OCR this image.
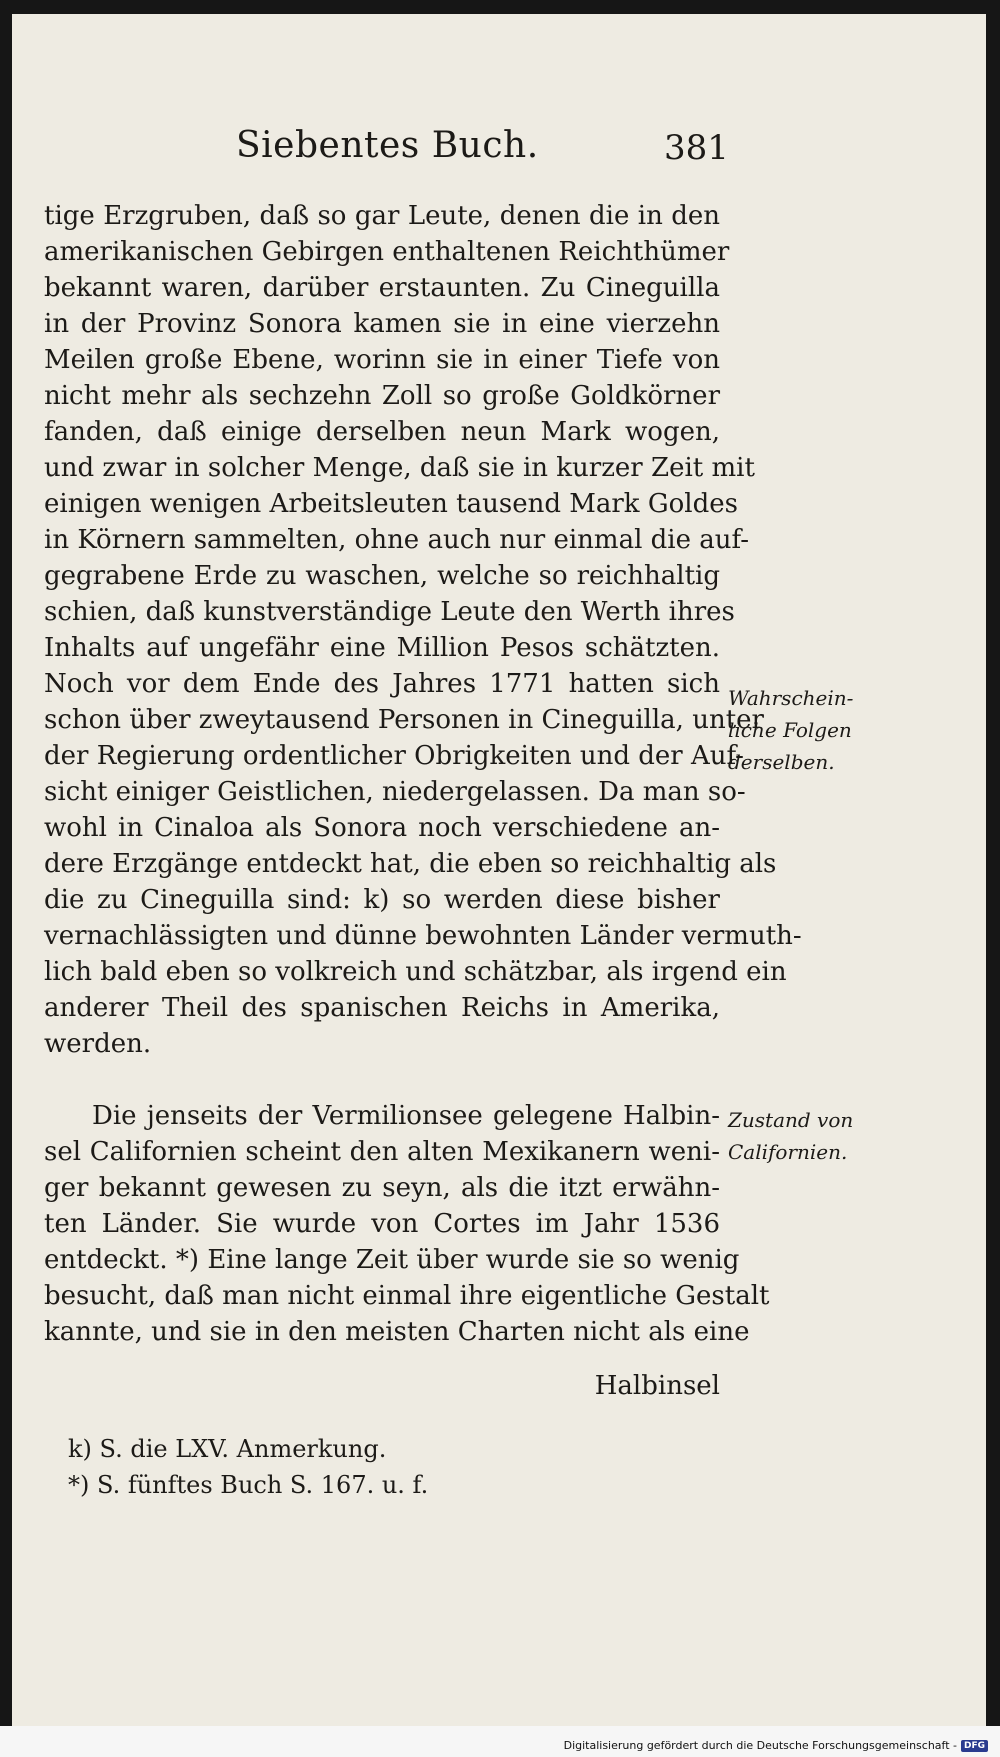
Siebentes Buch.	381
tige Erzgruben, daß so gar Leute, denen die in den
amerikanischen Gebirgen enthaltenen Reichthümer
bekannt waren, darüber erstaunten. Zu Cineguilla
in der Provinz Sonora kamen sie in eine vierzehn
Meilen große Ebene, worinn sie in einer Tiefe von
nicht mehr als sechzehn Zoll so große Goldkörner
fanden, daß einige derselben neun Mark wogen,
und zwar in solcher Menge, daß sie in kurzer Zeit mit
einigen wenigen Arbeitsleuten tausend Mark Goldes
in Körnern sammelten, ohne auch nur einmal die auf-
gegrabene Erde zu waschen, welche so reichhaltig
schien, daß kunstverständige Leute den Werth ihres
Inhalts auf ungefähr eine Million Pesos schätzten.
Noch vor dem Ende des Jahres 1771 hatten sich
schon über zweytausend Personen in Cineguilla, unter
der Regierung ordentlicher Obrigkeiten und der Auf-
sicht einiger Geistlichen, niedergelassen. Da man so-
wohl in Cinaloa als Sonora noch verschiedene an-
dere Erzgänge entdeckt hat, die eben so reichhaltig als
die zu Cineguilla sind: k) so werden diese bisher
vernachlässigten und dünne bewohnten Länder vermuth-
lich bald eben so volkreich und schätzbar, als irgend ein
anderer Theil des spanischen Reichs in Amerika,
werden.
Die jenseits der Vermilionsee gelegene Halbin-
sel Californien scheint den alten Mexikanern weni-
ger bekannt gewesen zu seyn, als die itzt erwähn-
ten Länder. Sie wurde von Cortes im Jahr 1536
entdeckt. *) Eine lange Zeit über wurde sie so wenig
besucht, daß man nicht einmal ihre eigentliche Gestalt
kannte, und sie in den meisten Charten nicht als eine
Halbinsel
Wahrschein-
liche Folgen
derselben.
Zustand von
Californien.
k) S. die LXV. Anmerkung.
*) S. fünftes Buch S. 167. u. f.
Digitalisierung gefördert durch die Deutsche Forschungsgemeinschaft - DFG
